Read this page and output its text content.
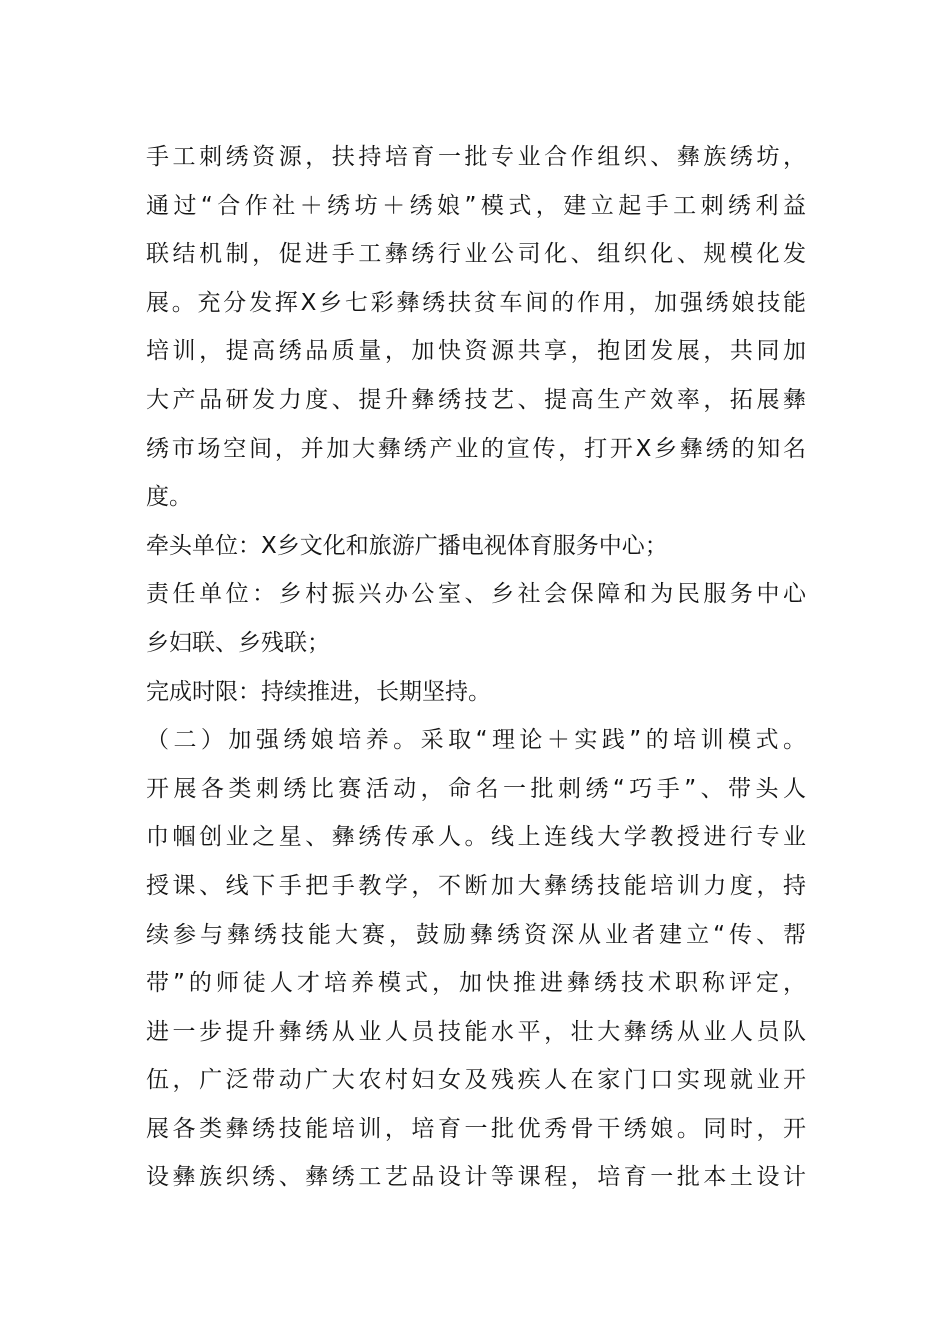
手工刺绣资源，扶持培育一批专业合作组织、彝族绣坊，
通过“合作社＋绣坊＋绣娘”模式，建立起手工刺绣利益
联结机制，促进手工彝绣行业公司化、组织化、规模化发
展。充分发挥X乡七彩彝绣扶贫车间的作用，加强绣娘技能
培训，提高绣品质量，加快资源共享，抱团发展，共同加
大产品研发力度、提升彝绣技艺、提高生产效率，拓展彝
绣市场空间，并加大彝绣产业的宣传，打开X乡彝绣的知名
度。
牵头单位：X乡文化和旅游广播电视体育服务中心；
责任单位：乡村振兴办公室、乡社会保障和为民服务中心
乡妇联、乡残联；
完成时限：持续推进，长期坚持。
（二）加强绣娘培养。采取“理论＋实践”的培训模式。
开展各类刺绣比赛活动，命名一批刺绣“巧手”、带头人
巾帼创业之星、彝绣传承人。线上连线大学教授进行专业
授课、线下手把手教学，不断加大彝绣技能培训力度，持
续参与彝绣技能大赛，鼓励彝绣资深从业者建立“传、帮
带”的师徒人才培养模式，加快推进彝绣技术职称评定，
进一步提升彝绣从业人员技能水平，壮大彝绣从业人员队
伍，广泛带动广大农村妇女及残疾人在家门口实现就业开
展各类彝绣技能培训，培育一批优秀骨干绣娘。同时，开
设彝族织绣、彝绣工艺品设计等课程，培育一批本土设计
